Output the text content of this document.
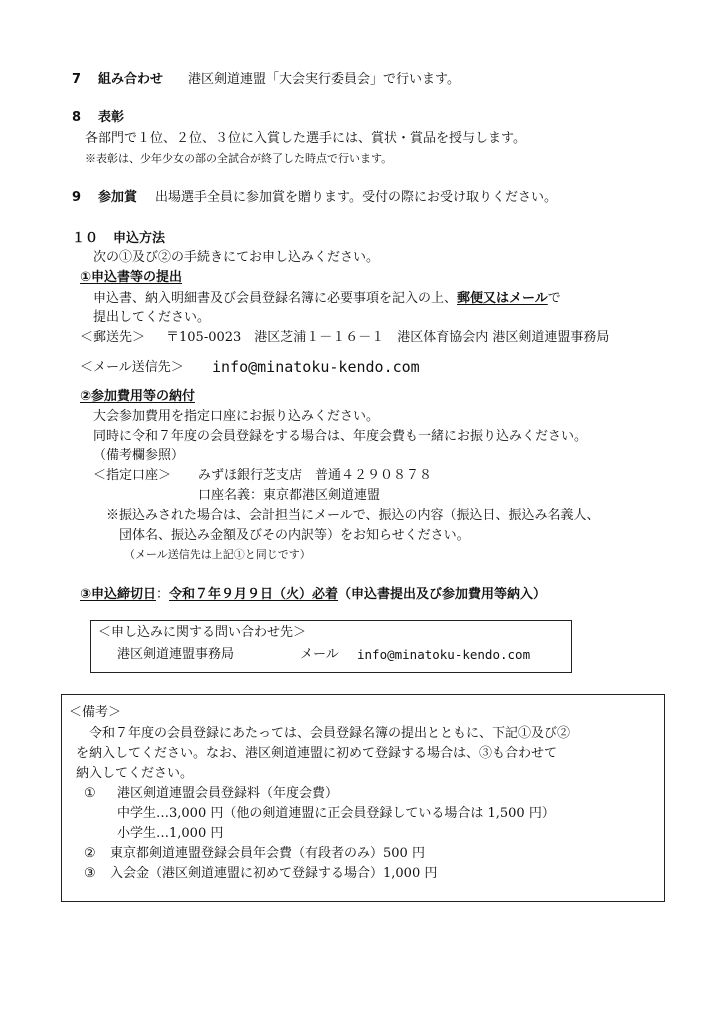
7 組み合わせ 港区剣道連盟「大会実行委員会」で行います。
8 表彰
各部門で１位、２位、３位に入賞した選手には、賞状・賞品を授与します。
※表彰は、少年少女の部の全試合が終了した時点で行います。
9 参加賞 出場選手全員に参加賞を贈ります。受付の際にお受け取りください。
１０ 申込方法
次の①及び②の手続きにてお申し込みください。
①申込書等の提出
申込書、納入明細書及び会員登録名簿に必要事項を記入の上、郵便又はメールで
提出してください。
＜郵送先＞ 〒105-0023　港区芝浦１－１６－１　港区体育協会内 港区剣道連盟事務局
＜メール送信先＞ info@minatoku-kendo.com
②参加費用等の納付
大会参加費用を指定口座にお振り込みください。
同時に令和７年度の会員登録をする場合は、年度会費も一緒にお振り込みください。
（備考欄参照）
＜指定口座＞ みずほ銀行芝支店　普通４２９０８７８
口座名義：東京都港区剣道連盟
※振込みされた場合は、会計担当にメールで、振込の内容（振込日、振込み名義人、
団体名、振込み金額及びその内訳等）をお知らせください。
（メール送信先は上記①と同じです）
③申込締切日：令和７年９月９日（火）必着（申込書提出及び参加費用等納入）
＜申し込みに関する問い合わせ先＞
港区剣道連盟事務局	メール info@minatoku-kendo.com
＜備考＞
令和７年度の会員登録にあたっては、会員登録名簿の提出とともに、下記①及び②
を納入してください。なお、港区剣道連盟に初めて登録する場合は、③も合わせて
納入してください。
① 港区剣道連盟会員登録料（年度会費）
中学生…3,000 円（他の剣道連盟に正会員登録している場合は 1,500 円）
小学生…1,000 円
② 東京都剣道連盟登録会員年会費（有段者のみ）500 円
③ 入会金（港区剣道連盟に初めて登録する場合）1,000 円
